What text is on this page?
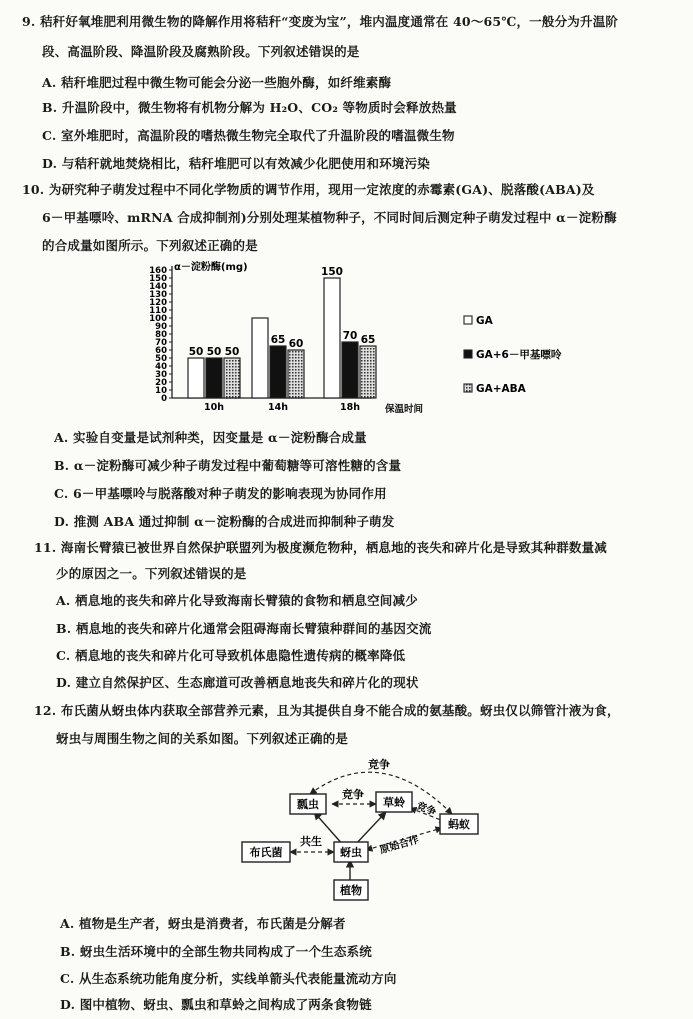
9. 秸秆好氧堆肥利用微生物的降解作用将秸秆“变废为宝”，堆内温度通常在 40～65℃，一般分为升温阶
段、高温阶段、降温阶段及腐熟阶段。下列叙述错误的是
A. 秸秆堆肥过程中微生物可能会分泌一些胞外酶，如纤维素酶
B. 升温阶段中，微生物将有机物分解为 H₂O、CO₂ 等物质时会释放热量
C. 室外堆肥时，高温阶段的嗜热微生物完全取代了升温阶段的嗜温微生物
D. 与秸秆就地焚烧相比，秸秆堆肥可以有效减少化肥使用和环境污染
10. 为研究种子萌发过程中不同化学物质的调节作用，现用一定浓度的赤霉素(GA)、脱落酸(ABA)及
6－甲基嘌呤、mRNA 合成抑制剂)分别处理某植物种子，不同时间后测定种子萌发过程中 α－淀粉酶
的合成量如图所示。下列叙述正确的是
α－淀粉酶(mg)
保温时间
0
10
20
30
40
50
60
70
80
90
100
110
120
130
140
150
160
50 50 50
10h
65 60
14h
150
70 65
18h
GA
GA+6－甲基嘌呤
GA+ABA
A. 实验自变量是试剂种类，因变量是 α－淀粉酶合成量
B. α－淀粉酶可减少种子萌发过程中葡萄糖等可溶性糖的含量
C. 6－甲基嘌呤与脱落酸对种子萌发的影响表现为协同作用
D. 推测 ABA 通过抑制 α－淀粉酶的合成进而抑制种子萌发
11. 海南长臂猿已被世界自然保护联盟列为极度濒危物种，栖息地的丧失和碎片化是导致其种群数量减
少的原因之一。下列叙述错误的是
A. 栖息地的丧失和碎片化导致海南长臂猿的食物和栖息空间减少
B. 栖息地的丧失和碎片化通常会阻碍海南长臂猿种群间的基因交流
C. 栖息地的丧失和碎片化可导致机体患隐性遗传病的概率降低
D. 建立自然保护区、生态廊道可改善栖息地丧失和碎片化的现状
12. 布氏菌从蚜虫体内获取全部营养元素，且为其提供自身不能合成的氨基酸。蚜虫仅以筛管汁液为食，
蚜虫与周围生物之间的关系如图。下列叙述正确的是
竞争
竞争
竞争
原始合作
共生
瓢虫	草蛉
蚂蚁
布氏菌	蚜虫
植物
A. 植物是生产者，蚜虫是消费者，布氏菌是分解者
B. 蚜虫生活环境中的全部生物共同构成了一个生态系统
C. 从生态系统功能角度分析，实线单箭头代表能量流动方向
D. 图中植物、蚜虫、瓢虫和草蛉之间构成了两条食物链
